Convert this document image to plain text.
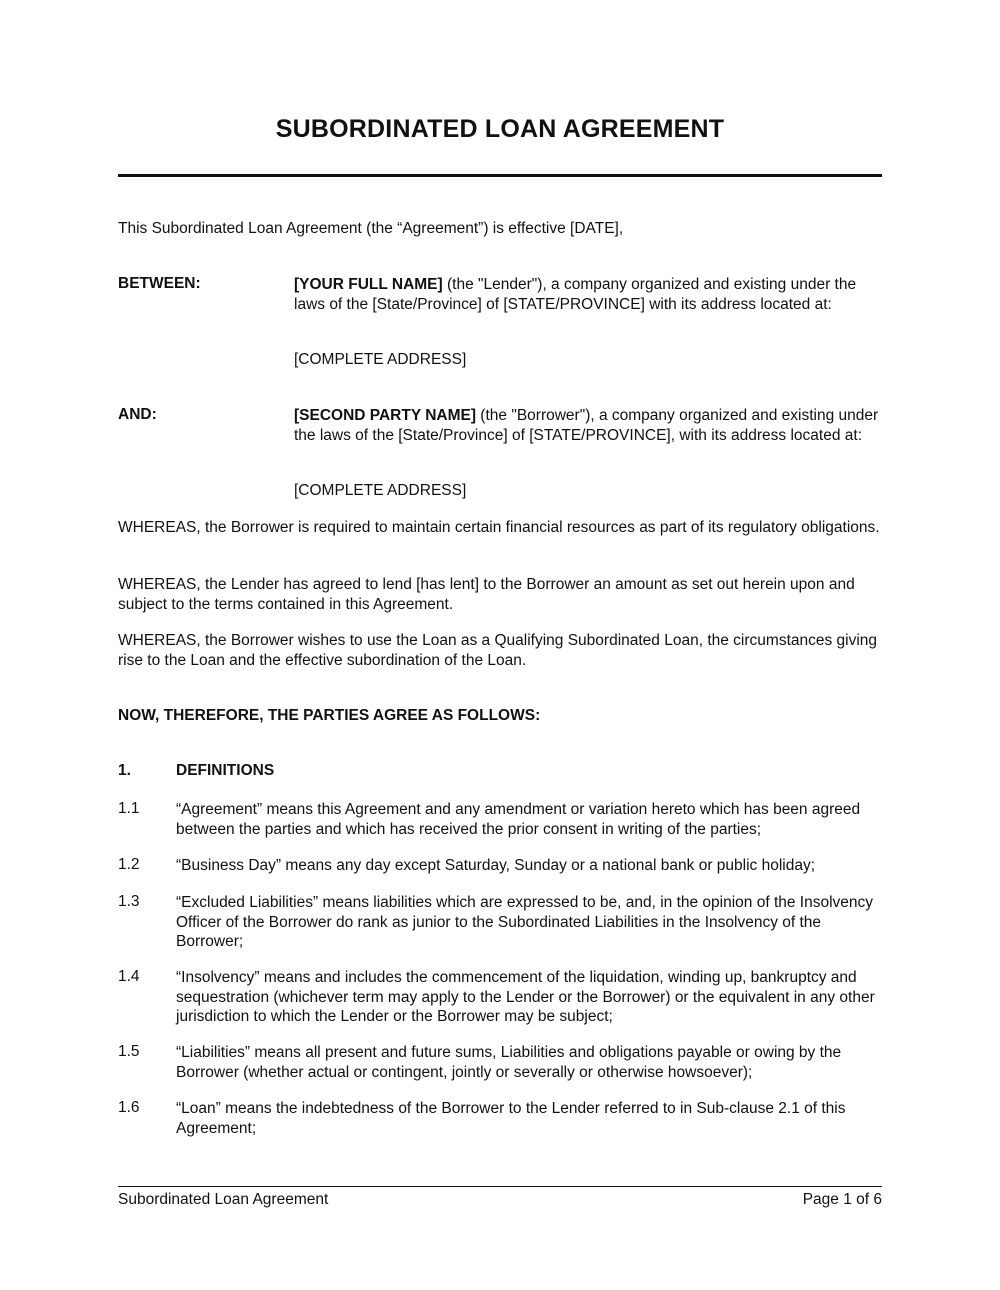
SUBORDINATED LOAN AGREEMENT

This Subordinated Loan Agreement (the “Agreement”) is effective [DATE],

BETWEEN:	[YOUR FULL NAME] (the "Lender"), a company organized and existing under the laws of the [State/Province] of [STATE/PROVINCE] with its address located at:

[COMPLETE ADDRESS]

AND:	[SECOND PARTY NAME] (the "Borrower"), a company organized and existing under the laws of the [State/Province] of [STATE/PROVINCE], with its address located at:

[COMPLETE ADDRESS]

WHEREAS, the Borrower is required to maintain certain financial resources as part of its regulatory obligations.

WHEREAS, the Lender has agreed to lend [has lent] to the Borrower an amount as set out herein upon and subject to the terms contained in this Agreement.

WHEREAS, the Borrower wishes to use the Loan as a Qualifying Subordinated Loan, the circumstances giving rise to the Loan and the effective subordination of the Loan.

NOW, THEREFORE, THE PARTIES AGREE AS FOLLOWS:

1.	DEFINITIONS
1.1 “Agreement” means this Agreement and any amendment or variation hereto which has been agreed between the parties and which has received the prior consent in writing of the parties;

1.2 “Business Day” means any day except Saturday, Sunday or a national bank or public holiday;

1.3 “Excluded Liabilities” means liabilities which are expressed to be, and, in the opinion of the Insolvency Officer of the Borrower do rank as junior to the Subordinated Liabilities in the Insolvency of the Borrower;

1.4 “Insolvency” means and includes the commencement of the liquidation, winding up, bankruptcy and sequestration (whichever term may apply to the Lender or the Borrower) or the equivalent in any other jurisdiction to which the Lender or the Borrower may be subject;

1.5 “Liabilities” means all present and future sums, Liabilities and obligations payable or owing by the Borrower (whether actual or contingent, jointly or severally or otherwise howsoever);

1.6 “Loan” means the indebtedness of the Borrower to the Lender referred to in Sub-clause 2.1 of this Agreement;

Subordinated Loan Agreement	Page 1 of 6
